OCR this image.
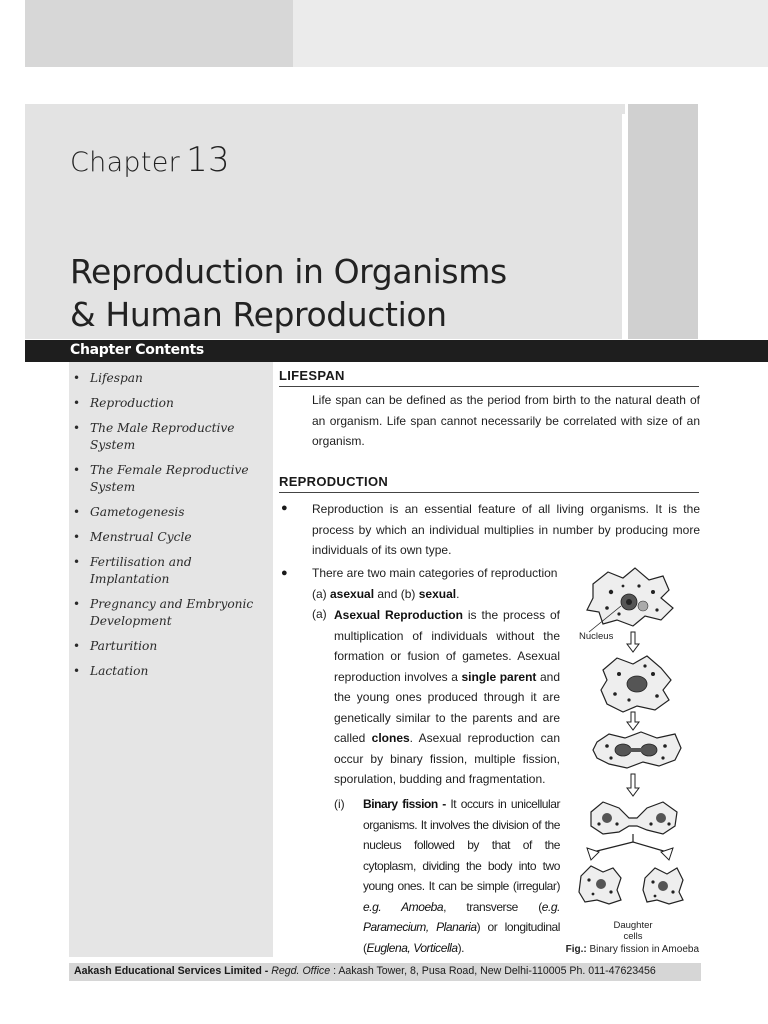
Chapter 13
Reproduction in Organisms
& Human Reproduction
Chapter Contents
• Lifespan
• Reproduction
• The Male Reproductive
System
• The Female Reproductive
System
• Gametogenesis
• Menstrual Cycle
• Fertilisation and
Implantation
• Pregnancy and Embryonic
Development
• Parturition
• Lactation
LIFESPAN

Life span can be defined as the period from birth to the natural death of an organism. Life span cannot necessarily be correlated with size of an organism.

REPRODUCTION
● Reproduction is an essential feature of all living organisms. It is the process by which an individual multiplies in number by producing more individuals of its own type.

● There are two main categories of reproduction (a) asexual and (b) sexual.

(a) Asexual Reproduction is the process of multiplication of individuals without the formation or fusion of gametes. Asexual reproduction involves a single parent and the young ones produced through it are genetically similar to the parents and are called clones. Asexual reproduction can occur by binary fission, multiple fission, sporulation, budding and fragmentation.

(i) Binary fission - It occurs in unicellular organisms. It involves the division of the nucleus followed by that of the cytoplasm, dividing the body into two young ones. It can be simple (irregular) e.g. Amoeba, transverse (e.g. Paramecium, Planaria) or longitudinal (Euglena, Vorticella).

Nucleus
Daughter
cells
Fig.: Binary fission in Amoeba
Aakash Educational Services Limited - Regd. Office : Aakash Tower, 8, Pusa Road, New Delhi-110005 Ph. 011-47623456
